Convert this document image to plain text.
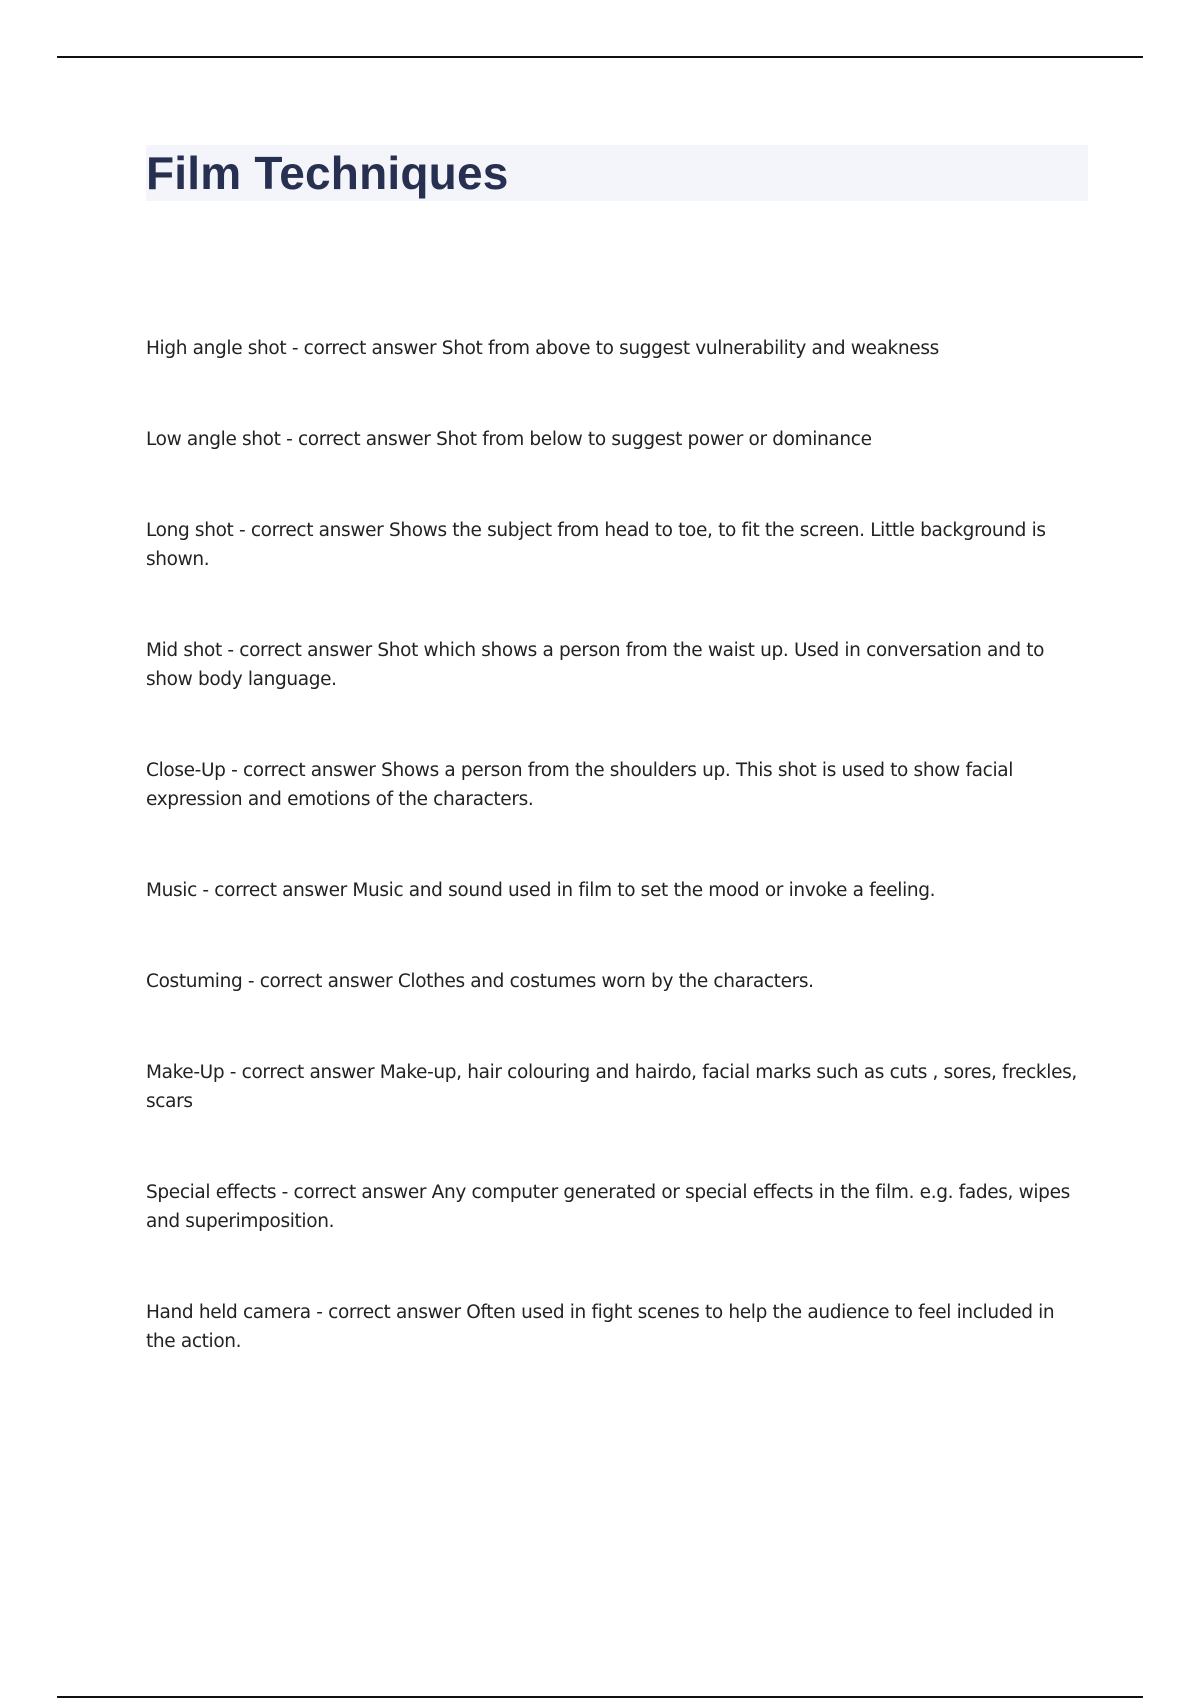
Film Techniques
High angle shot - correct answer Shot from above to suggest vulnerability and weakness
Low angle shot - correct answer Shot from below to suggest power or dominance
Long shot - correct answer Shows the subject from head to toe, to fit the screen. Little background is shown.
Mid shot - correct answer Shot which shows a person from the waist up. Used in conversation and to show body language.
Close-Up - correct answer Shows a person from the shoulders up. This shot is used to show facial expression and emotions of the characters.
Music - correct answer Music and sound used in film to set the mood or invoke a feeling.
Costuming - correct answer Clothes and costumes worn by the characters.
Make-Up - correct answer Make-up, hair colouring and hairdo, facial marks such as cuts , sores, freckles, scars
Special effects - correct answer Any computer generated or special effects in the film. e.g. fades, wipes and superimposition.
Hand held camera - correct answer Often used in fight scenes to help the audience to feel included in the action.
